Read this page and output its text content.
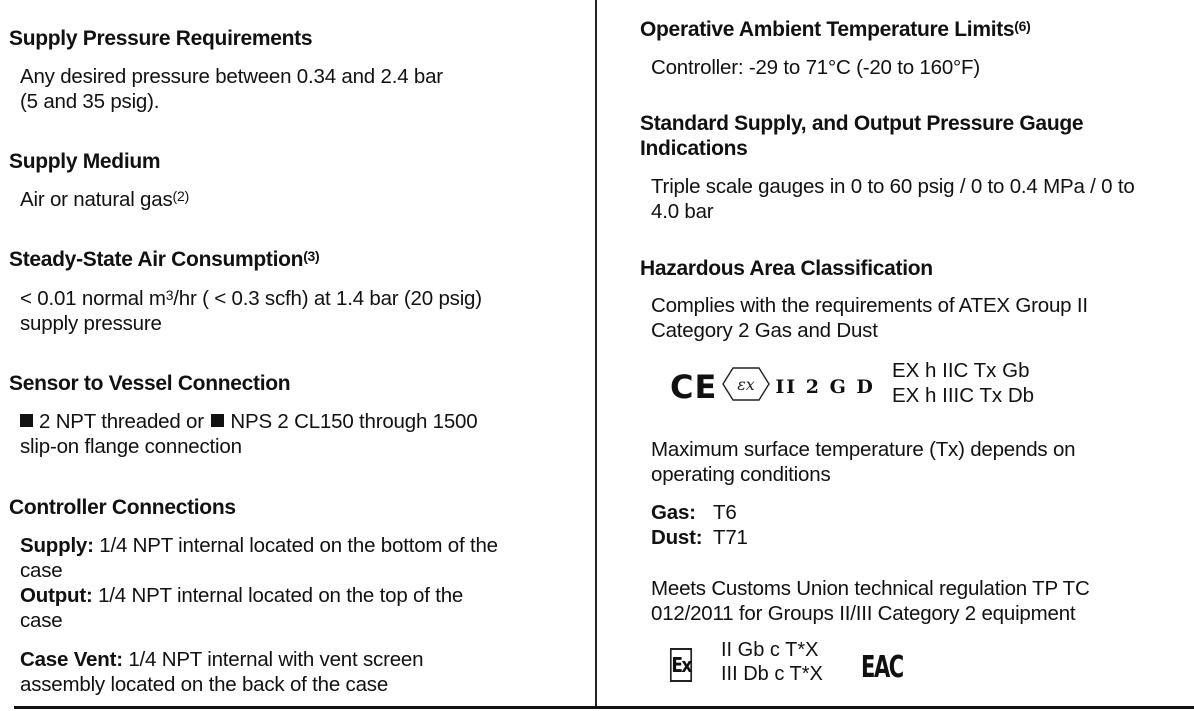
Supply Pressure Requirements
Any desired pressure between 0.34 and 2.4 bar
(5 and 35 psig).
Supply Medium
Air or natural gas$^{(2)}$
Steady-State Air Consumption$^{(3)}$
< 0.01 normal $m^3/hr$ ( < 0.3 scfh) at 1.4 bar (20 psig)
supply pressure
Sensor to Vessel Connection
2 NPT threaded or NPS 2 CL150 through 1500
slip-on flange connection
Controller Connections
Supply: 1/4 NPT internal located on the bottom of the
case
Output: 1/4 NPT internal located on the top of the
case
Case Vent: 1/4 NPT internal with vent screen
assembly located on the back of the case
Operative Ambient Temperature Limits$^{(6)}$
Controller: -29 to 71°C (-20 to 160°F)
Standard Supply, and Output Pressure Gauge
Indications
Triple scale gauges in 0 to 60 psig / 0 to 0.4 MPa / 0 to
4.0 bar
Hazardous Area Classification
Complies with the requirements of ATEX Group II
Category 2 Gas and Dust
CE εx II 2 G D
EX h IIC Tx Gb
EX h IIIC Tx Db
Maximum surface temperature (Tx) depends on
operating conditions
Gas: T6
Dust: T71
Meets Customs Union technical regulation TP TC
012/2011 for Groups II/III Category 2 equipment
Ex
II Gb c T*X
III Db c T*X EAC
